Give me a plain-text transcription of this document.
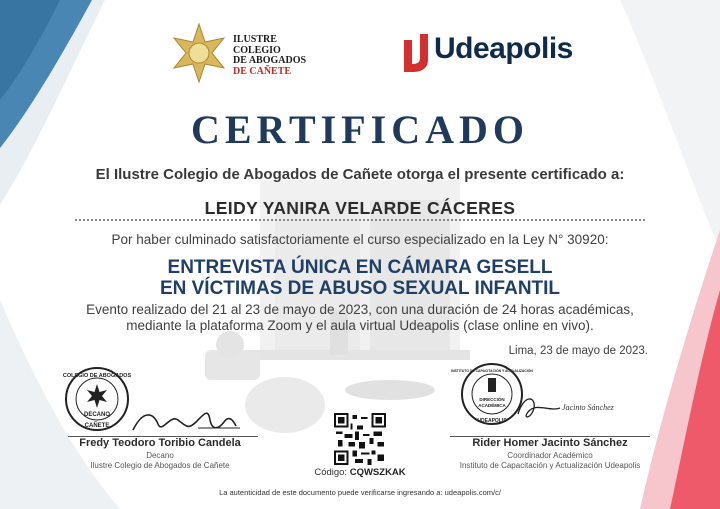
ILUSTRE
COLEGIO
DE ABOGADOS
DE CAÑETE
Udeapolis
CERTIFICADO
El Ilustre Colegio de Abogados de Cañete otorga el presente certificado a:
LEIDY YANIRA VELARDE CÁCERES
Por haber culminado satisfactoriamente el curso especializado en la Ley N° 30920:
ENTREVISTA ÚNICA EN CÁMARA GESELL
EN VÍCTIMAS DE ABUSO SEXUAL INFANTIL
Evento realizado del 21 al 23 de mayo de 2023, con una duración de 24 horas académicas,
mediante la plataforma Zoom y el aula virtual Udeapolis (clase online en vivo).
Lima, 23 de mayo de 2023.
COLEGIO DE ABOGADOS
CAÑETE
DECANO
INSTITUTO DE CAPACITACIÓN Y ACTUALIZACIÓN
UDEAPOLIS
DIRECCIÓN
ACADÉMICA	Jacinto Sánchez
Fredy Teodoro Toribio Candela
Decano
Ilustre Colegio de Abogados de Cañete
Rider Homer Jacinto Sánchez
Coordinador Académico
Instituto de Capacitación y Actualización Udeapolis
Código: CQWSZKAK
La autenticidad de este documento puede verificarse ingresando a: udeapolis.com/c/
